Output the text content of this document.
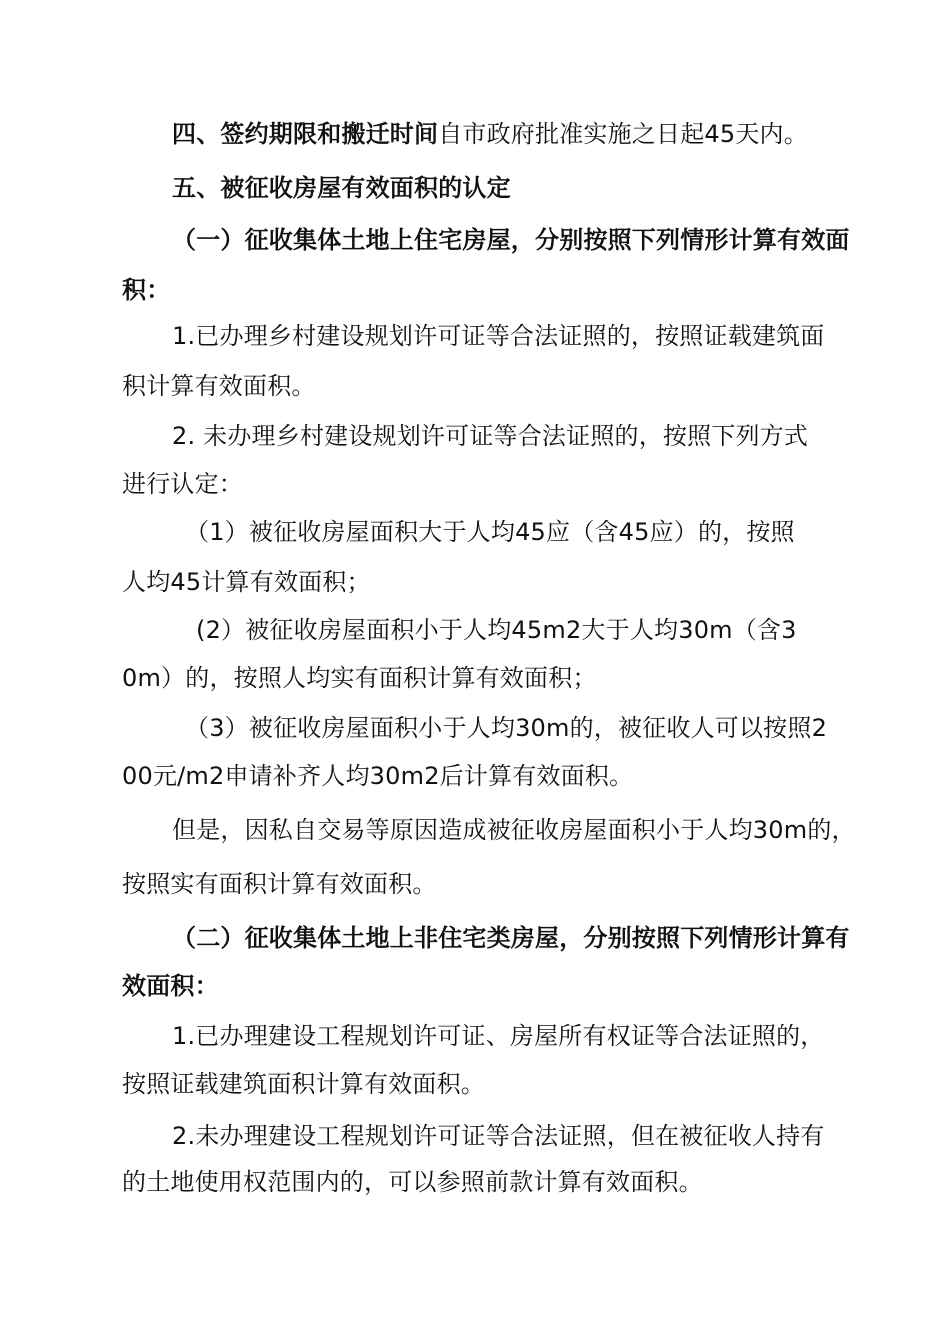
四、签约期限和搬迁时间自市政府批准实施之日起45天内。
五、被征收房屋有效面积的认定
（一）征收集体土地上住宅房屋，分别按照下列情形计算有效面
积：
1.已办理乡村建设规划许可证等合法证照的，按照证载建筑面
积计算有效面积。
2. 未办理乡村建设规划许可证等合法证照的，按照下列方式
进行认定：
（1）被征收房屋面积大于人均45应（含45应）的，按照
人均45计算有效面积；
(2）被征收房屋面积小于人均45m2大于人均30m（含3
0m）的，按照人均实有面积计算有效面积；
（3）被征收房屋面积小于人均30m的，被征收人可以按照2
00元/m2申请补齐人均30m2后计算有效面积。
但是，因私自交易等原因造成被征收房屋面积小于人均30m的，
按照实有面积计算有效面积。
（二）征收集体土地上非住宅类房屋，分别按照下列情形计算有
效面积：
1.已办理建设工程规划许可证、房屋所有权证等合法证照的，
按照证载建筑面积计算有效面积。
2.未办理建设工程规划许可证等合法证照，但在被征收人持有
的土地使用权范围内的，可以参照前款计算有效面积。
